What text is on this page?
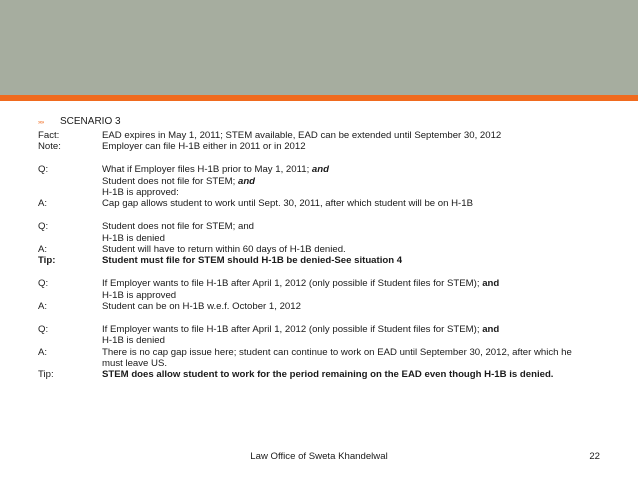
»» SCENARIO 3
Fact:	EAD expires in May 1, 2011; STEM available, EAD can be extended until September 30, 2012
Note:	Employer can file H-1B either in 2011 or in 2012
Q:	What if Employer files H-1B prior to May 1, 2011; and
Student does not file for STEM; and
H-1B is approved:
A:	Cap gap allows student to work until Sept. 30, 2011, after which student will be on H-1B
Q:	Student does not file for STEM; and
H-1B is denied
A:	Student will have to return within 60 days of H-1B denied.
Tip:	Student must file for STEM should H-1B be denied-See situation 4
Q:	If Employer wants to file H-1B after April 1, 2012 (only possible if Student files for STEM); and
H-1B is approved
A:	Student can be on H-1B w.e.f. October 1, 2012
Q:	If Employer wants to file H-1B after April 1, 2012 (only possible if Student files for STEM); and
H-1B is denied
A:	There is no cap gap issue here; student can continue to work on EAD until September 30, 2012, after which he
must leave US.
Tip:	STEM does allow student to work for the period remaining on the EAD even though H-1B is denied.
Law Office of Sweta Khandelwal	22
